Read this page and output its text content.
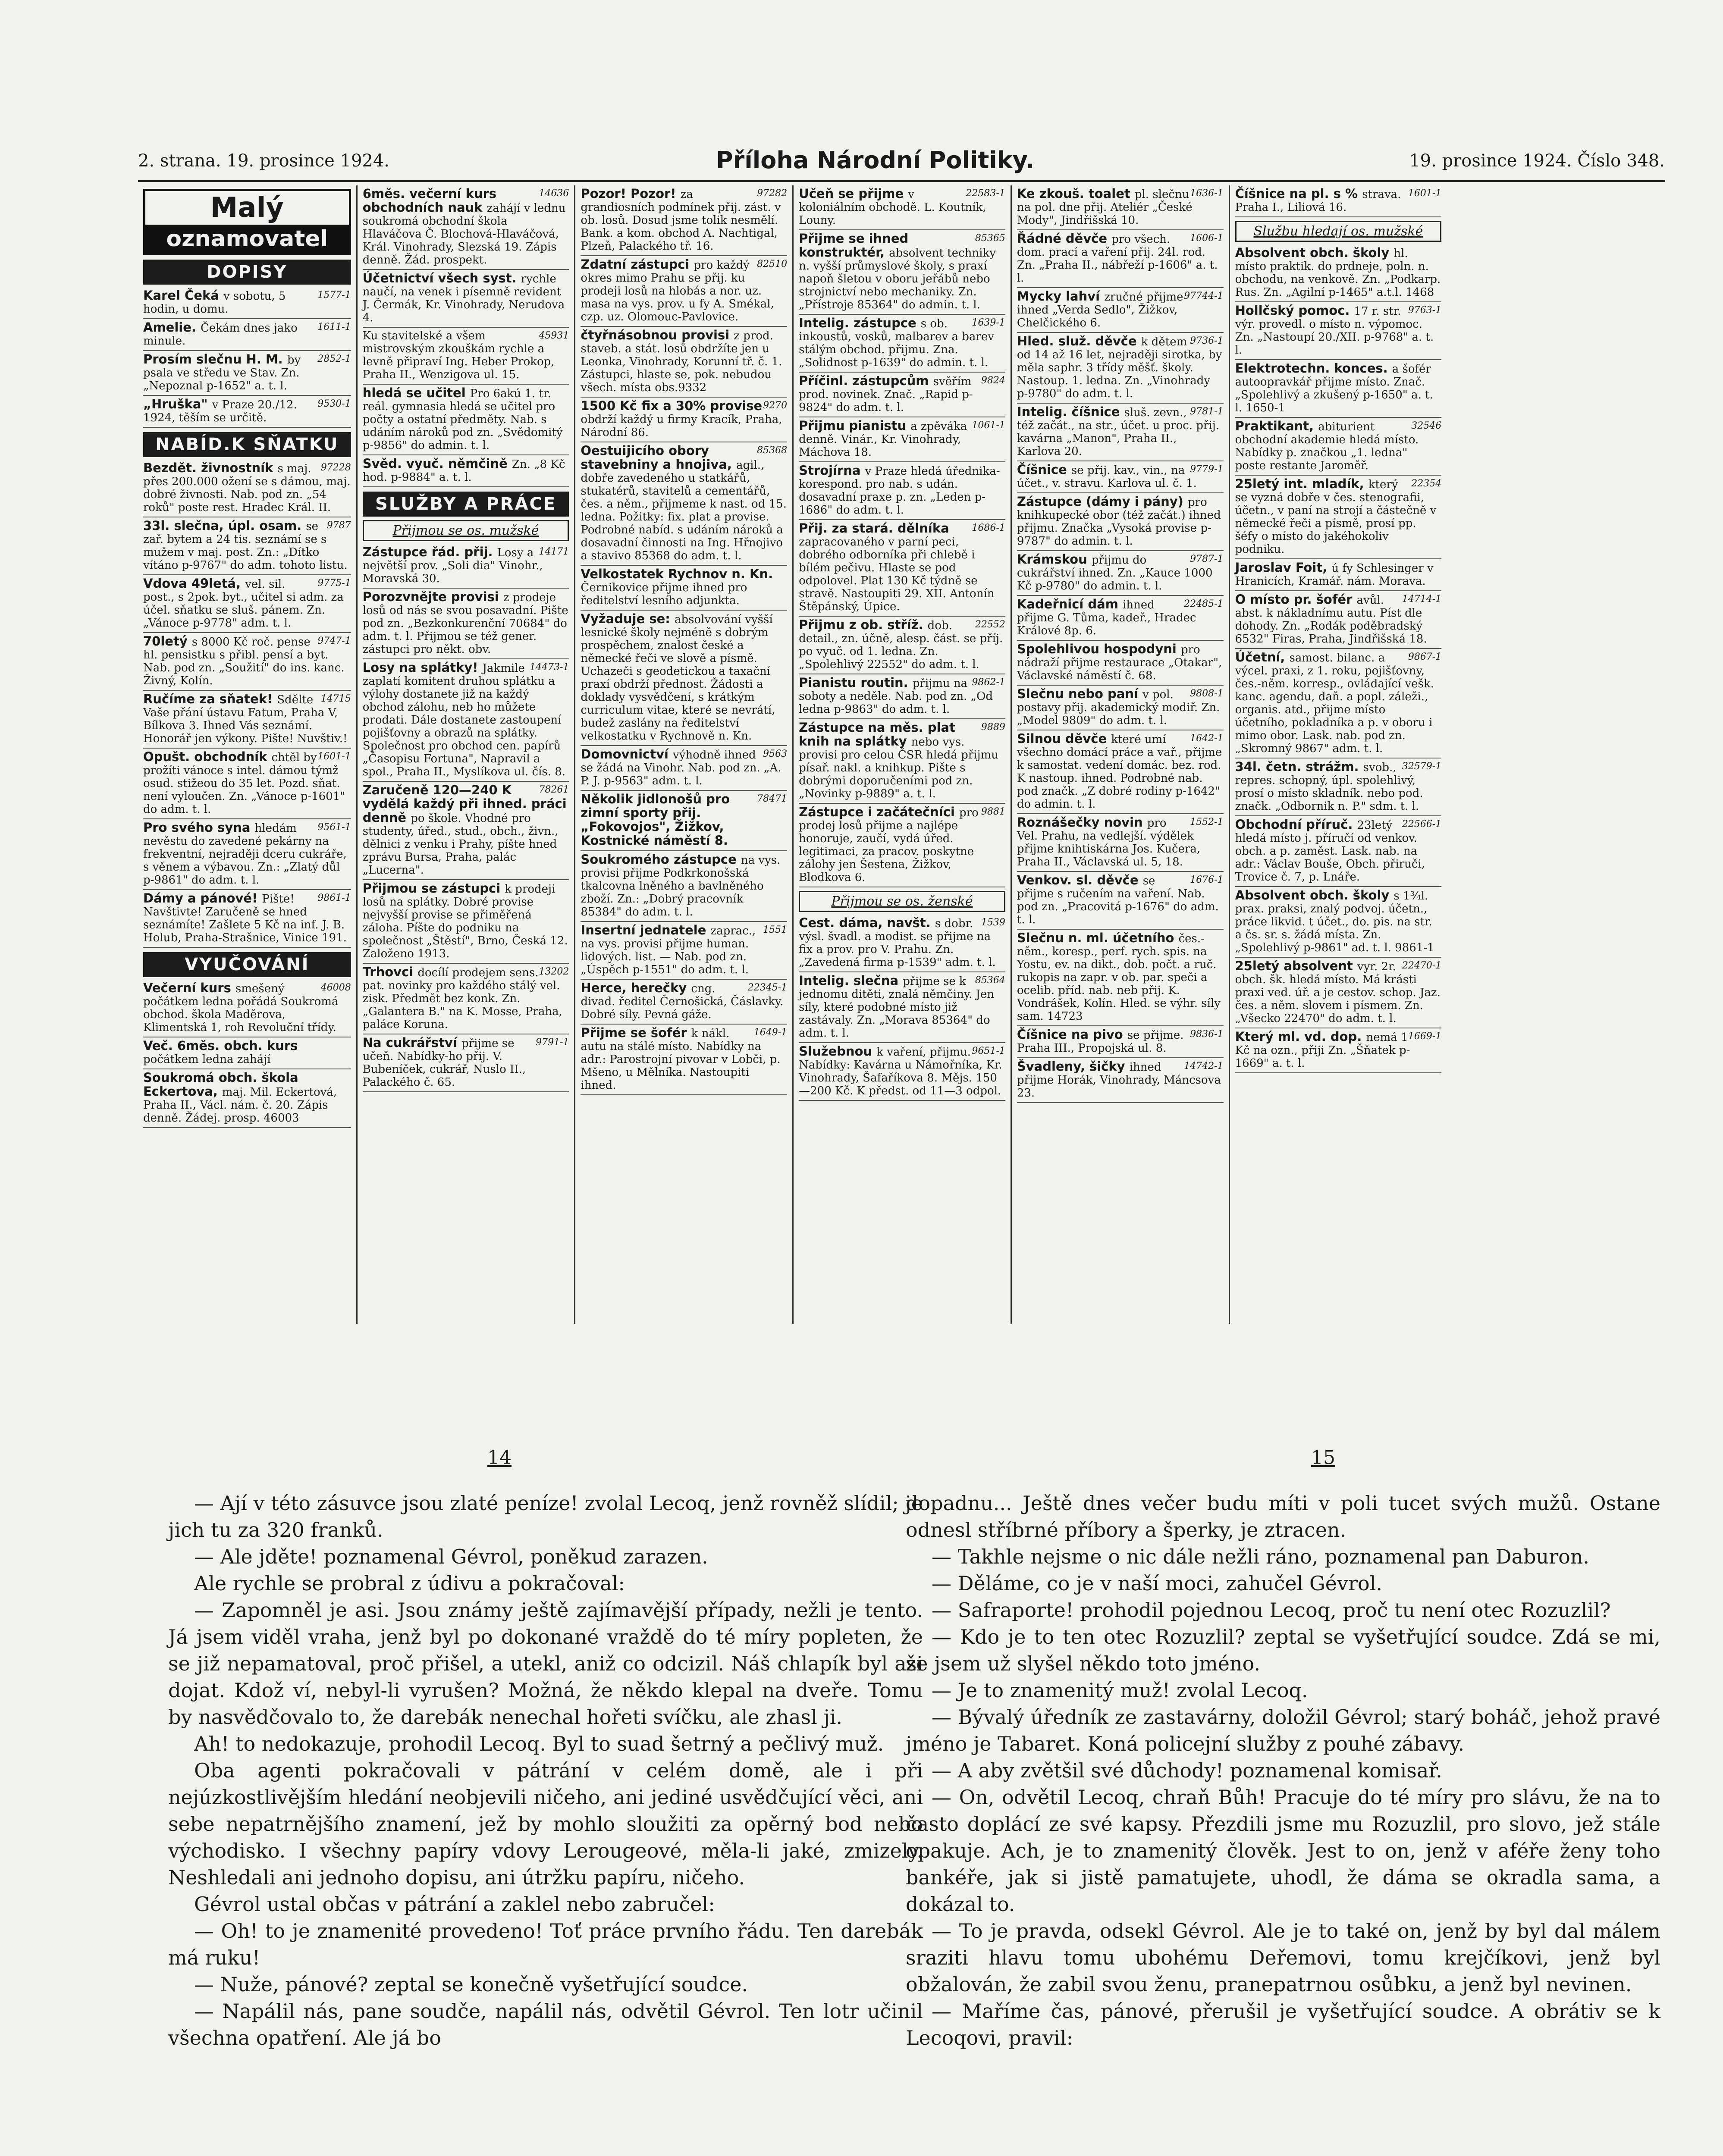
2. strana. 19. prosince 1924.	Příloha Národní Politiky.	19. prosince 1924. Číslo 348.
Malý
oznamovatel
DOPISY
1577-1
Karel Čeká v sobotu, 5 hodin, u domu.
1611-1
Amelie. Čekám dnes jako minule.
2852-1
Prosím slečnu H. M. by psala ve středu ve Stav. Zn. „Nepoznal p-1652" a. t. l.
9530-1
„Hruška" v Praze 20./12. 1924, těším se určitě.
NABÍD.K SŇATKU
97228
Bezdět. živnostník s maj. přes 200.000 ožení se s dámou, maj. dobré živnosti. Nab. pod zn. „54 roků" poste rest. Hradec Král. II.
9787
33l. slečna, úpl. osam. se zař. bytem a 24 tis. seznámí se s mužem v maj. post. Zn.: „Dítko vítáno p-9767" do adm. tohoto listu.
9775-1
Vdova 49letá, vel. sil. post., s 2pok. byt., učitel si adm. za účel. sňatku se sluš. pánem. Zn. „Vánoce p-9778" adm. t. l.
9747-1
70letý s 8000 Kč roč. pense hl. pensistku s přibl. pensí a byt. Nab. pod zn. „Soužití" do ins. kanc. Živný, Kolín.
14715
Ručíme za sňatek! Sdělte Vaše přání ústavu Fatum, Praha V, Bílkova 3. Ihned Vás seznámí. Honorář jen výkony. Pište! Nuvštiv.!
1601-1
Opušt. obchodník chtěl by prožíti vánoce s intel. dámou týmž osud. stižeou do 35 let. Pozd. sňat. není vyloučen. Zn. „Vánoce p-1601" do adm. t. l.
9561-1
Pro svého syna hledám nevěstu do zavedené pekárny na frekventní, nejraději dceru cukráře, s věnem a výbavou. Zn.: „Zlatý důl p-9861" do adm. t. l.
9861-1
Dámy a pánové! Pište! Navštivte! Zaručeně se hned seznámíte! Zašlete 5 Kč na inf. J. B. Holub, Praha-Strašnice, Vinice 191.
VYUČOVÁNÍ
46008
Večerní kurs smešený počátkem ledna pořádá Soukromá obchod. škola Maděrova, Klimentská 1, roh Revoluční třídy.
Več. 6měs. obch. kurs počátkem ledna zahájí
Soukromá obch. škola Eckertova, maj. Mil. Eckertová, Praha II., Václ. nám. č. 20. Zápis denně. Žádej. prosp. 46003
14636
6měs. večerní kurs obchodních nauk zahájí v lednu soukromá obchodní škola Hlaváčova Č. Blochová-Hlaváčová, Král. Vinohrady, Slezská 19. Zápis denně. Žád. prospekt.
Účetnictví všech syst. rychle naučí, na venek i písemně revident J. Čermák, Kr. Vinohrady, Nerudova 4.
45931
Ku stavitelské a všem mistrovským zkouškám rychle a levně připraví Ing. Heber Prokop, Praha II., Wenzigova ul. 15.
hledá se učitel Pro 6akú 1. tr. reál. gymnasia hledá se učitel pro počty a ostatní předměty. Nab. s udáním nároků pod zn. „Svědomitý p-9856" do admin. t. l.
Svěd. vyuč. němčině Zn. „8 Kč hod. p-9884" a. t. l.
SLUŽBY A PRÁCE
Přijmou se os. mužské
14171
Zástupce řád. přij. Losy a největší prov. „Soli dia" Vinohr., Moravská 30.
Porozvnějte provisi z prodeje losů od nás se svou posavadní. Pište pod zn. „Bezkonkurenční 70684" do adm. t. l. Přijmou se též gener. zástupci pro někt. obv.
14473-1
Losy na splátky! Jakmile zaplatí komitent druhou splátku a výlohy dostanete již na každý obchod zálohu, neb ho můžete prodati. Dále dostanete zastoupení pojišťovny a obrazů na splátky. Společnost pro obchod cen. papírů „Časopisu Fortuna", Napravil a spol., Praha II., Myslíkova ul. čís. 8.
78261
Zaručeně 120—240 K vydělá každý při ihned. práci denně po škole. Vhodné pro studenty, úřed., stud., obch., živn., dělnici z venku i Prahy, píšte hned zprávu Bursa, Praha, palác „Lucerna".
Přijmou se zástupci k prodeji losů na splátky. Dobré provise nejvyšší provise se přiměřená záloha. Píšte do podniku na společnost „Štěstí", Brno, Česká 12. Založeno 1913.
13202
Trhovci docílí prodejem sens. pat. novinky pro každého stálý vel. zisk. Předmět bez konk. Zn. „Galantera B." na K. Mosse, Praha, paláce Koruna.
9791-1
Na cukrářství přijme se učeň. Nabídky-ho přij. V. Bubeníček, cukrář, Nuslo II., Palackého č. 65.
97282
Pozor! Pozor! za grandiosních podmínek přij. zást. v ob. losů. Dosud jsme tolik nesmělí. Bank. a kom. obchod A. Nachtigal, Plzeň, Palackého tř. 16.
82510
Zdatní zástupci pro každý okres mimo Prahu se přij. ku prodeji losů na hlobás a nor. uz. masa na vys. prov. u fy A. Smékal, czp. uz. Olomouc-Pavlovice.
čtyřnásobnou provisi z prod. staveb. a stát. losů obdržíte jen u Leonka, Vinohrady, Korunní tř. č. 1. Zástupci, hlaste se, pok. nebudou všech. místa obs.9332
9270
1500 Kč fix a 30% provise obdrží každý u firmy Kracík, Praha, Národní 86.
85368
Oestuijicího obory stavebniny a hnojiva, agil., dobře zavedeného u statkářů, stukatérů, stavitelů a cementářů, čes. a něm., přijmeme k nast. od 15. ledna. Požitky: fix. plat a provise. Podrobné nabíd. s udáním nároků a dosavadní činnosti na Ing. Hřnojivo a stavivo 85368 do adm. t. l.
Velkostatek Rychnov n. Kn. Černikovice přijme ihned pro ředitelství lesního adjunkta.
Vyžaduje se: absolvování vyšší lesnické školy nejméně s dobrým prospěchem, znalost české a německé řeči ve slově a písmě. Uchazeči s geodetickou a taxační praxí obdrží přednost. Žádosti a doklady vysvědčení, s krátkým curriculum vitae, které se nevrátí, budež zaslány na ředitelství velkostatku v Rychnově n. Kn.
9563
Domovnictví výhodně ihned se žádá na Vinohr. Nab. pod zn. „A. P. J. p-9563" adm. t. l.
78471
Několik jidlonošů pro zimní sporty přij. „Fokovojos", Žižkov, Kostnické náměstí 8.
Soukromého zástupce na vys. provisi přijme Podkrkonošská tkalcovna lněného a bavlněného zboží. Zn.: „Dobrý pracovník 85384" do adm. t. l.
1551
Insertní jednatele zaprac., na vys. provisi přijme human. lidových. list. — Nab. pod zn. „Úspěch p-1551" do adm. t. l.
22345-1
Herce, herečky cng. divad. ředitel Černošická, Čáslavky. Dobré síly. Pevná gáže.
1649-1
Přijme se šofér k nákl. autu na stálé místo. Nabídky na adr.: Parostrojní pivovar v Lobči, p. Mšeno, u Mělníka. Nastoupiti ihned.
22583-1
Učeň se přijme v koloniálním obchodě. L. Koutník, Louny.
85365
Přijme se ihned konstruktér, absolvent techniky n. vyšší průmyslové školy, s praxí napoň šletou v oboru jeřábů nebo strojnictví nebo mechaniky. Zn. „Přístroje 85364" do admin. t. l.
1639-1
Intelig. zástupce s ob. inkoustů, vosků, malbarev a barev stálým obchod. přijmu. Zna. „Solidnost p-1639" do admin. t. l.
9824
Příčinl. zástupcům svěřím prod. novinek. Znač. „Rapid p-9824" do adm. t. l.
1061-1
Přijmu pianistu a zpěváka denně. Vinár., Kr. Vinohrady, Máchova 18.
Strojírna v Praze hledá úřednika-korespond. pro nab. s udán. dosavadní praxe p. zn. „Leden p-1686" do adm. t. l.
1686-1
Přij. za stará. dělníka zapracovaného v parní peci, dobrého odborníka při chlebě i bílém pečivu. Hlaste se pod odpolovel. Plat 130 Kč týdně se stravě. Nastoupiti 29. XII. Antonín Štěpánský, Úpice.
22552
Přijmu z ob. stříž. dob. detail., zn. účně, alesp. část. se příj. po vyuč. od 1. ledna. Zn. „Spolehlivý 22552" do adm. t. l.
9862-1
Pianistu routin. přijmu na soboty a neděle. Nab. pod zn. „Od ledna p-9863" do adm. t. l.
9889
Zástupce na měs. plat knih na splátky nebo vys. provisi pro celou ČSR hledá přijmu písař. nakl. a knihkup. Pište s dobrými doporučeními pod zn. „Novinky p-9889" a. t. l.
9881
Zástupce i začátečníci pro prodej losů přijme a najlépe honoruje, zaučí, vydá úřed. legitimaci, za pracov. poskytne zálohy jen Šestena, Žižkov, Blodkova 6.
Přijmou se os. ženské
1539
Cest. dáma, navšt. s dobr. výsl. švadl. a modist. se přijme na fix a prov. pro V. Prahu. Zn. „Zavedená firma p-1539" adm. t. l.
85364
Intelig. slečna přijme se k jednomu ditěti, znalá němčiny. Jen síly, které podobné místo již zastávaly. Zn. „Morava 85364" do adm. t. l.
9651-1
Služebnou k vaření, přijmu. Nabídky: Kavárna u Námořníka, Kr. Vinohrady, Šafaříkova 8. Mějs. 150—200 Kč. K předst. od 11—3 odpol.
1636-1
Ke zkouš. toalet pl. slečnu na pol. dne přij. Ateliér „České Mody", Jindřišská 10.
1606-1
Řádné děvče pro všech. dom. prací a vaření přij. 24l. rod. Zn. „Praha II., nábřeží p-1606" a. t. l.
97744-1
Mycky lahví zručné přijme ihned „Verda Sedlo", Žižkov, Chelčického 6.
9736-1
Hled. služ. děvče k dětem od 14 až 16 let, nejraději sirotka, by měla saphr. 3 třídy měšť. školy. Nastoup. 1. ledna. Zn. „Vinohrady p-9780" do adm. t. l.
9781-1
Intelig. číšnice sluš. zevn., též začát., na str., účet. u proc. přij. kavárna „Manon", Praha II., Karlova 20.
9779-1
Číšnice se přij. kav., vin., na účet., v. stravu. Karlova ul. č. 1.
Zástupce (dámy i pány) pro knihkupecké obor (též začát.) ihned přijmu. Značka „Vysoká provise p-9787" do admin. t. l.
9787-1
Krámskou přijmu do cukrářství ihned. Zn. „Kauce 1000 Kč p-9780" do admin. t. l.
22485-1
Kadeřnicí dám ihned přijme G. Tůma, kadeř., Hradec Králové 8p. 6.
Spolehlivou hospodyni pro nádraží přijme restaurace „Otakar", Václavské náměstí č. 68.
9808-1
Slečnu nebo paní v pol. postavy přij. akademický modiř. Zn. „Model 9809" do adm. t. l.
1642-1
Silnou děvče které umí všechno domácí práce a vař., přijme k samostat. vedení domác. bez. rod. K nastoup. ihned. Podrobné nab. pod značk. „Z dobré rodiny p-1642" do admin. t. l.
1552-1
Roznášečky novin pro Vel. Prahu, na vedlejší. výdělek přijme knihtiskárna Jos. Kučera, Praha II., Václavská ul. 5, 18.
1676-1
Venkov. sl. děvče se přijme s ručením na vaření. Nab. pod zn. „Pracovitá p-1676" do adm. t. l.
Slečnu n. ml. účetního čes.-něm., koresp., perf. rych. spis. na Yostu, ev. na dikt., dob. počt. a ruč. rukopis na zapr. v ob. par. speči a ocelib. příd. nab. neb přij. K. Vondrášek, Kolín. Hled. se výhr. síly sam. 14723
9836-1
Číšnice na pivo se přijme. Praha III., Propojská ul. 8.
14742-1
Švadleny, šičky ihned přijme Horák, Vinohrady, Máncsova 23.
1601-1
Číšnice na pl. s % strava. Praha I., Liliová 16.
Službu hledají os. mužské
Absolvent obch. školy hl. místo praktik. do prdneje, poln. n. obchodu, na venkově. Zn. „Podkarp. Rus. Zn. „Agilní p-1465" a.t.l. 1468
9763-1
Hollčský pomoc. 17 r. str. výr. provedl. o místo n. výpomoc. Zn. „Nastoupí 20./XII. p-9768" a. t. l.
Elektrotechn. konces. a šofér autoopravkář přijme místo. Znač. „Spolehlivý a zkušený p-1650" a. t. l. 1650-1
32546
Praktikant, abiturient obchodní akademie hledá místo. Nabídky p. značkou „1. ledna" poste restante Jaroměř.
22354
25letý int. mladík, který se vyzná dobře v čes. stenografii, účetn., v paní na strojí a částečně v německé řeči a písmě, prosí pp. šéfy o místo do jakéhokoliv podniku.
Jaroslav Foit, ú fy Schlesinger v Hranicích, Kramář. nám. Morava.
14714-1
O místo pr. šofér avůl. abst. k nákladnímu autu. Píst dle dohody. Zn. „Rodák poděbradský 6532" Firas, Praha, Jindřišská 18.
9867-1
Účetní, samost. bilanc. a výcel. praxi, z 1. roku, pojišťovny, čes.-něm. korresp., ovládající vešk. kanc. agendu, daň. a popl. záleži., organis. atd., přijme místo účetního, pokladníka a p. v oboru i mimo obor. Lask. nab. pod zn. „Skromný 9867" adm. t. l.
32579-1
34l. četn. strážm. svob., repres. schopný, úpl. spolehlivý, prosí o místo skladník. nebo pod. značk. „Odbornik n. P." sdm. t. l.
22566-1
Obchodní příruč. 23letý hledá místo j. příručí od venkov. obch. a p. zaměst. Lask. nab. na adr.: Václav Bouše, Obch. přiruči, Trovice č. 7, p. Lnáře.
Absolvent obch. školy s 1¾l. prax. praksi, znalý podvoj. účetn., práce likvid. t účet., do. pis. na str. a čs. sr. s. žádá místa. Zn. „Spolehlivý p-9861" ad. t. l. 9861-1
22470-1
25letý absolvent vyr. 2r. obch. šk. hledá místo. Má krásti praxi ved. úř. a je cestov. schop. Jaz. čes. a něm. slovem i písmem. Zn. „Všecko 22470" do adm. t. l.
1669-1
Který ml. vd. dop. nemá 1 Kč na ozn., přiji Zn. „Šňatek p-1669" a. t. l.
14	15

— Ají v této zásuvce jsou zlaté peníze! zvolal Lecoq, jenž rovněž slídil; je jich tu za 320 franků.

— Ale jděte! poznamenal Gévrol, poněkud zarazen.

Ale rychle se probral z údivu a pokračoval:

— Zapomněl je asi. Jsou známy ještě zajímavější případy, nežli je tento. Já jsem viděl vraha, jenž byl po dokonané vraždě do té míry popleten, že se již nepamatoval, proč přišel, a utekl, aniž co odcizil. Náš chlapík byl asi dojat. Kdož ví, nebyl-li vyrušen? Možná, že někdo klepal na dveře. Tomu by nasvědčovalo to, že darebák nenechal hořeti svíčku, ale zhasl ji.

Ah! to nedokazuje, prohodil Lecoq. Byl to suad šetrný a pečlivý muž.

Oba agenti pokračovali v pátrání v celém domě, ale i při nejúzkostlivějším hledání neobjevili ničeho, ani jediné usvědčující věci, ani sebe nepatrnějšího znamení, jež by mohlo sloužiti za opěrný bod nebo východisko. I všechny papíry vdovy Lerougeové, měla-li jaké, zmizely. Neshledali ani jednoho dopisu, ani útržku papíru, ničeho.

Gévrol ustal občas v pátrání a zaklel nebo zabručel:

— Oh! to je znamenité provedeno! Toť práce prvního řádu. Ten darebák má ruku!

— Nuže, pánové? zeptal se konečně vyšetřující soudce.

— Napálil nás, pane soudče, napálil nás, odvětil Gévrol. Ten lotr učinil všechna opatření. Ale já bo

dopadnu... Ještě dnes večer budu míti v poli tucet svých mužů. Ostane odnesl stříbrné příbory a šperky, je ztracen.

— Takhle nejsme o nic dále nežli ráno, poznamenal pan Daburon.

— Děláme, co je v naší moci, zahučel Gévrol.

— Safraporte! prohodil pojednou Lecoq, proč tu není otec Rozuzlil?

— Kdo je to ten otec Rozuzlil? zeptal se vyšetřující soudce. Zdá se mi, že jsem už slyšel někdo toto jméno.

— Je to znamenitý muž! zvolal Lecoq.

— Bývalý úředník ze zastavárny, doložil Gévrol; starý boháč, jehož pravé jméno je Tabaret. Koná policejní služby z pouhé zábavy.

— A aby zvětšil své důchody! poznamenal komisař.

— On, odvětil Lecoq, chraň Bůh! Pracuje do té míry pro slávu, že na to často doplácí ze své kapsy. Přezdili jsme mu Rozuzlil, pro slovo, jež stále opakuje. Ach, je to znamenitý člověk. Jest to on, jenž v aféře ženy toho bankéře, jak si jistě pamatujete, uhodl, že dáma se okradla sama, a dokázal to.

— To je pravda, odsekl Gévrol. Ale je to také on, jenž by byl dal málem sraziti hlavu tomu ubohému Deřemovi, tomu krejčíkovi, jenž byl obžalován, že zabil svou ženu, pranepatrnou osůbku, a jenž byl nevinen.

— Maříme čas, pánové, přerušil je vyšetřující soudce. A obrátiv se k Lecoqovi, pravil:
